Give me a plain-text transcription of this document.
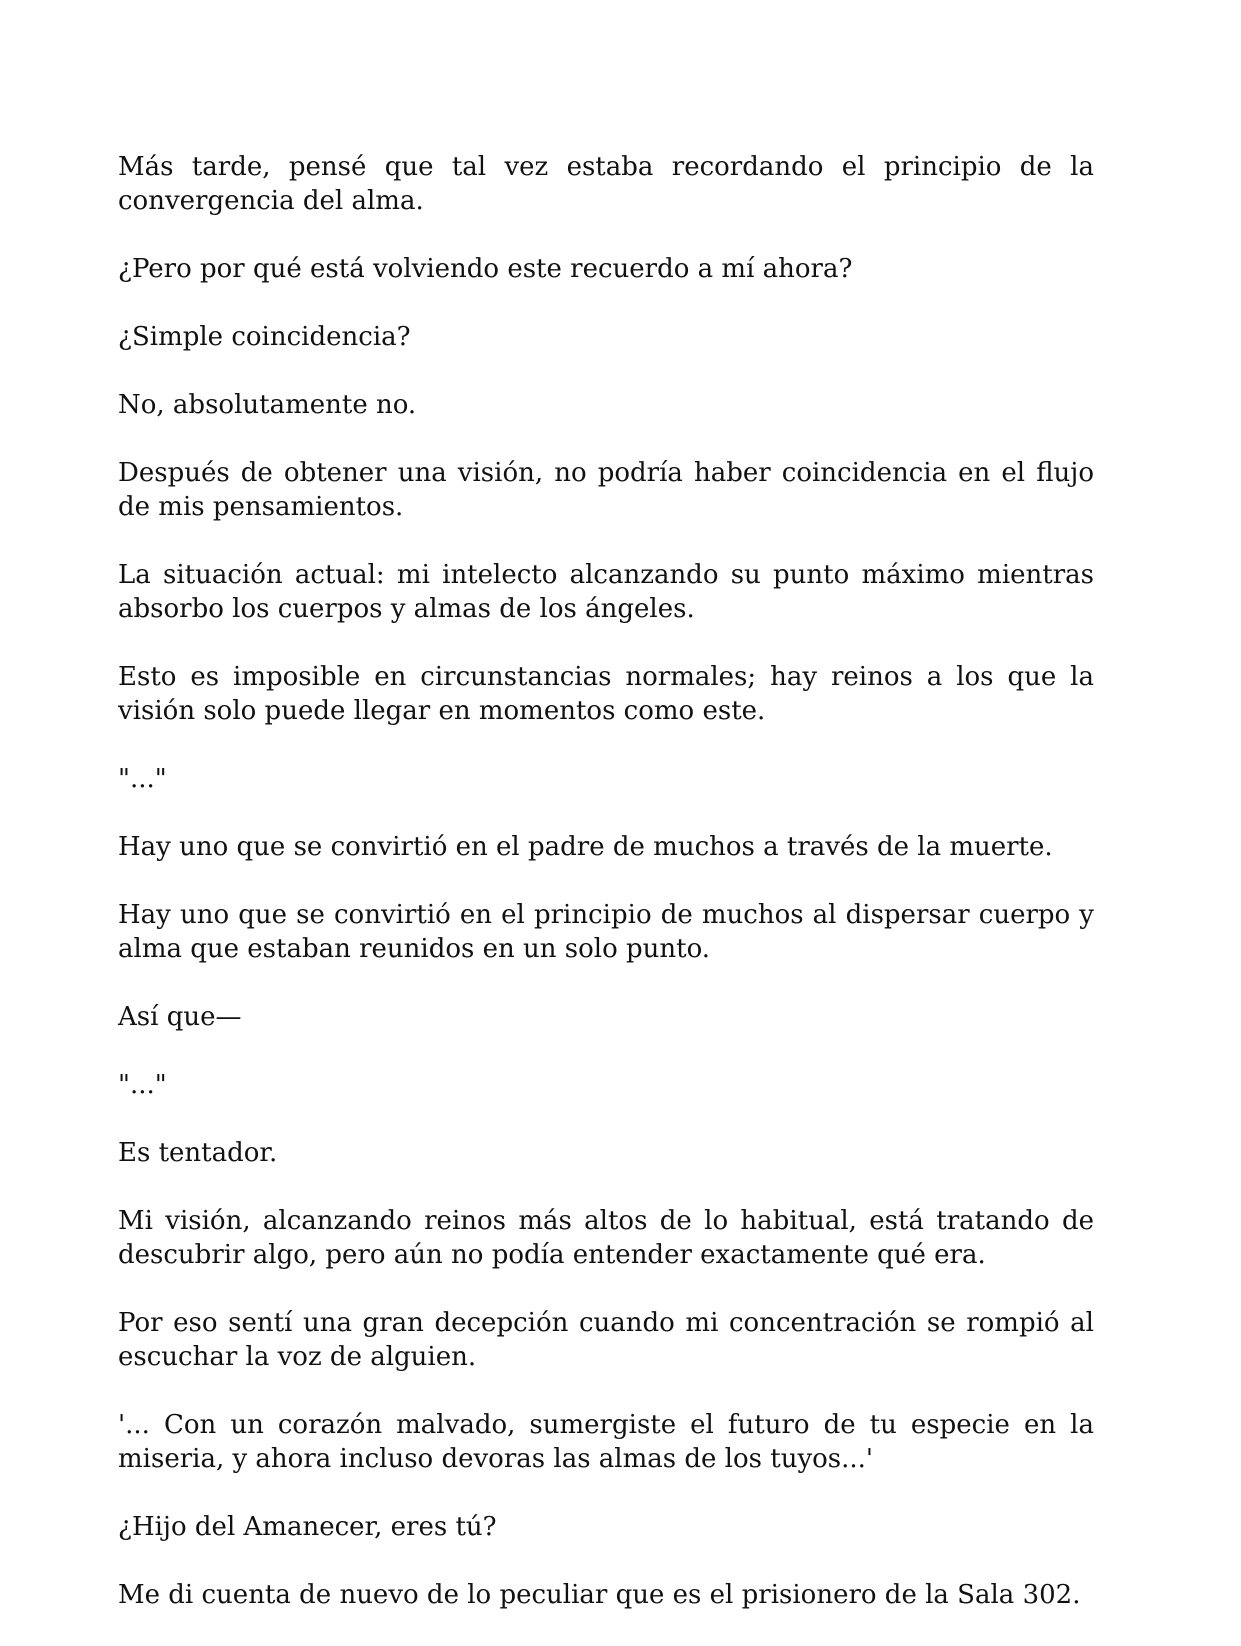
Más tarde, pensé que tal vez estaba recordando el principio de la convergencia del alma.

¿Pero por qué está volviendo este recuerdo a mí ahora?

¿Simple coincidencia?

No, absolutamente no.

Después de obtener una visión, no podría haber coincidencia en el flujo de mis pensamientos.

La situación actual: mi intelecto alcanzando su punto máximo mientras absorbo los cuerpos y almas de los ángeles.

Esto es imposible en circunstancias normales; hay reinos a los que la visión solo puede llegar en momentos como este.

"..."

Hay uno que se convirtió en el padre de muchos a través de la muerte.

Hay uno que se convirtió en el principio de muchos al dispersar cuerpo y alma que estaban reunidos en un solo punto.

Así que—

"..."

Es tentador.

Mi visión, alcanzando reinos más altos de lo habitual, está tratando de descubrir algo, pero aún no podía entender exactamente qué era.

Por eso sentí una gran decepción cuando mi concentración se rompió al escuchar la voz de alguien.

'... Con un corazón malvado, sumergiste el futuro de tu especie en la miseria, y ahora incluso devoras las almas de los tuyos...'

¿Hijo del Amanecer, eres tú?

Me di cuenta de nuevo de lo peculiar que es el prisionero de la Sala 302.
